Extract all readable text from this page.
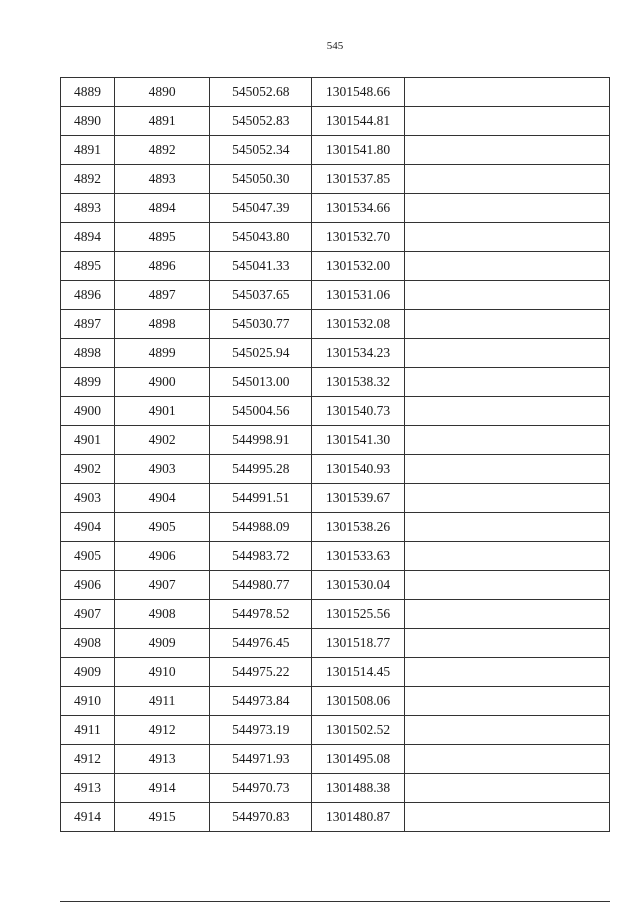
545
4889	4890	545052.68	1301548.66	
4890	4891	545052.83	1301544.81	
4891	4892	545052.34	1301541.80	
4892	4893	545050.30	1301537.85	
4893	4894	545047.39	1301534.66	
4894	4895	545043.80	1301532.70	
4895	4896	545041.33	1301532.00	
4896	4897	545037.65	1301531.06	
4897	4898	545030.77	1301532.08	
4898	4899	545025.94	1301534.23	
4899	4900	545013.00	1301538.32	
4900	4901	545004.56	1301540.73	
4901	4902	544998.91	1301541.30	
4902	4903	544995.28	1301540.93	
4903	4904	544991.51	1301539.67	
4904	4905	544988.09	1301538.26	
4905	4906	544983.72	1301533.63	
4906	4907	544980.77	1301530.04	
4907	4908	544978.52	1301525.56	
4908	4909	544976.45	1301518.77	
4909	4910	544975.22	1301514.45	
4910	4911	544973.84	1301508.06	
4911	4912	544973.19	1301502.52	
4912	4913	544971.93	1301495.08	
4913	4914	544970.73	1301488.38	
4914	4915	544970.83	1301480.87	
